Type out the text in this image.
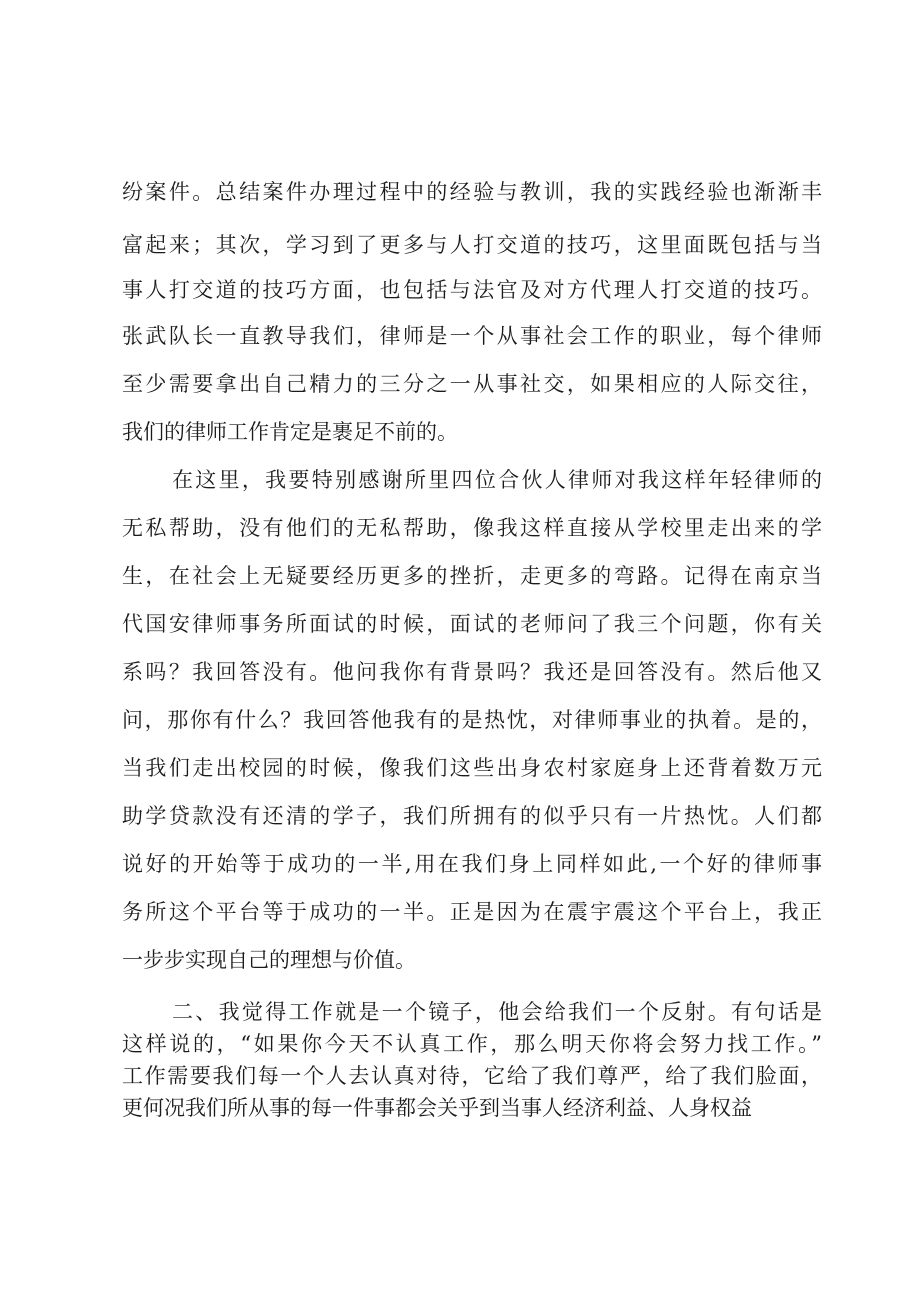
纷案件。总结案件办理过程中的经验与教训，我的实践经验也渐渐丰

富起来；其次，学习到了更多与人打交道的技巧，这里面既包括与当

事人打交道的技巧方面，也包括与法官及对方代理人打交道的技巧。

张武队长一直教导我们，律师是一个从事社会工作的职业，每个律师

至少需要拿出自己精力的三分之一从事社交，如果相应的人际交往，

我们的律师工作肯定是裹足不前的。

在这里，我要特别感谢所里四位合伙人律师对我这样年轻律师的

无私帮助，没有他们的无私帮助，像我这样直接从学校里走出来的学

生，在社会上无疑要经历更多的挫折，走更多的弯路。记得在南京当

代国安律师事务所面试的时候，面试的老师问了我三个问题，你有关

系吗？我回答没有。他问我你有背景吗？我还是回答没有。然后他又

问，那你有什么？我回答他我有的是热忱，对律师事业的执着。是的，

当我们走出校园的时候，像我们这些出身农村家庭身上还背着数万元

助学贷款没有还清的学子，我们所拥有的似乎只有一片热忱。人们都

说好的开始等于成功的一半,用在我们身上同样如此,一个好的律师事

务所这个平台等于成功的一半。正是因为在震宇震这个平台上，我正

一步步实现自己的理想与价值。

二、我觉得工作就是一个镜子，他会给我们一个反射。有句话是

这样说的，“如果你今天不认真工作，那么明天你将会努力找工作。”

工作需要我们每一个人去认真对待，它给了我们尊严，给了我们脸面，

更何况我们所从事的每一件事都会关乎到当事人经济利益、人身权益
